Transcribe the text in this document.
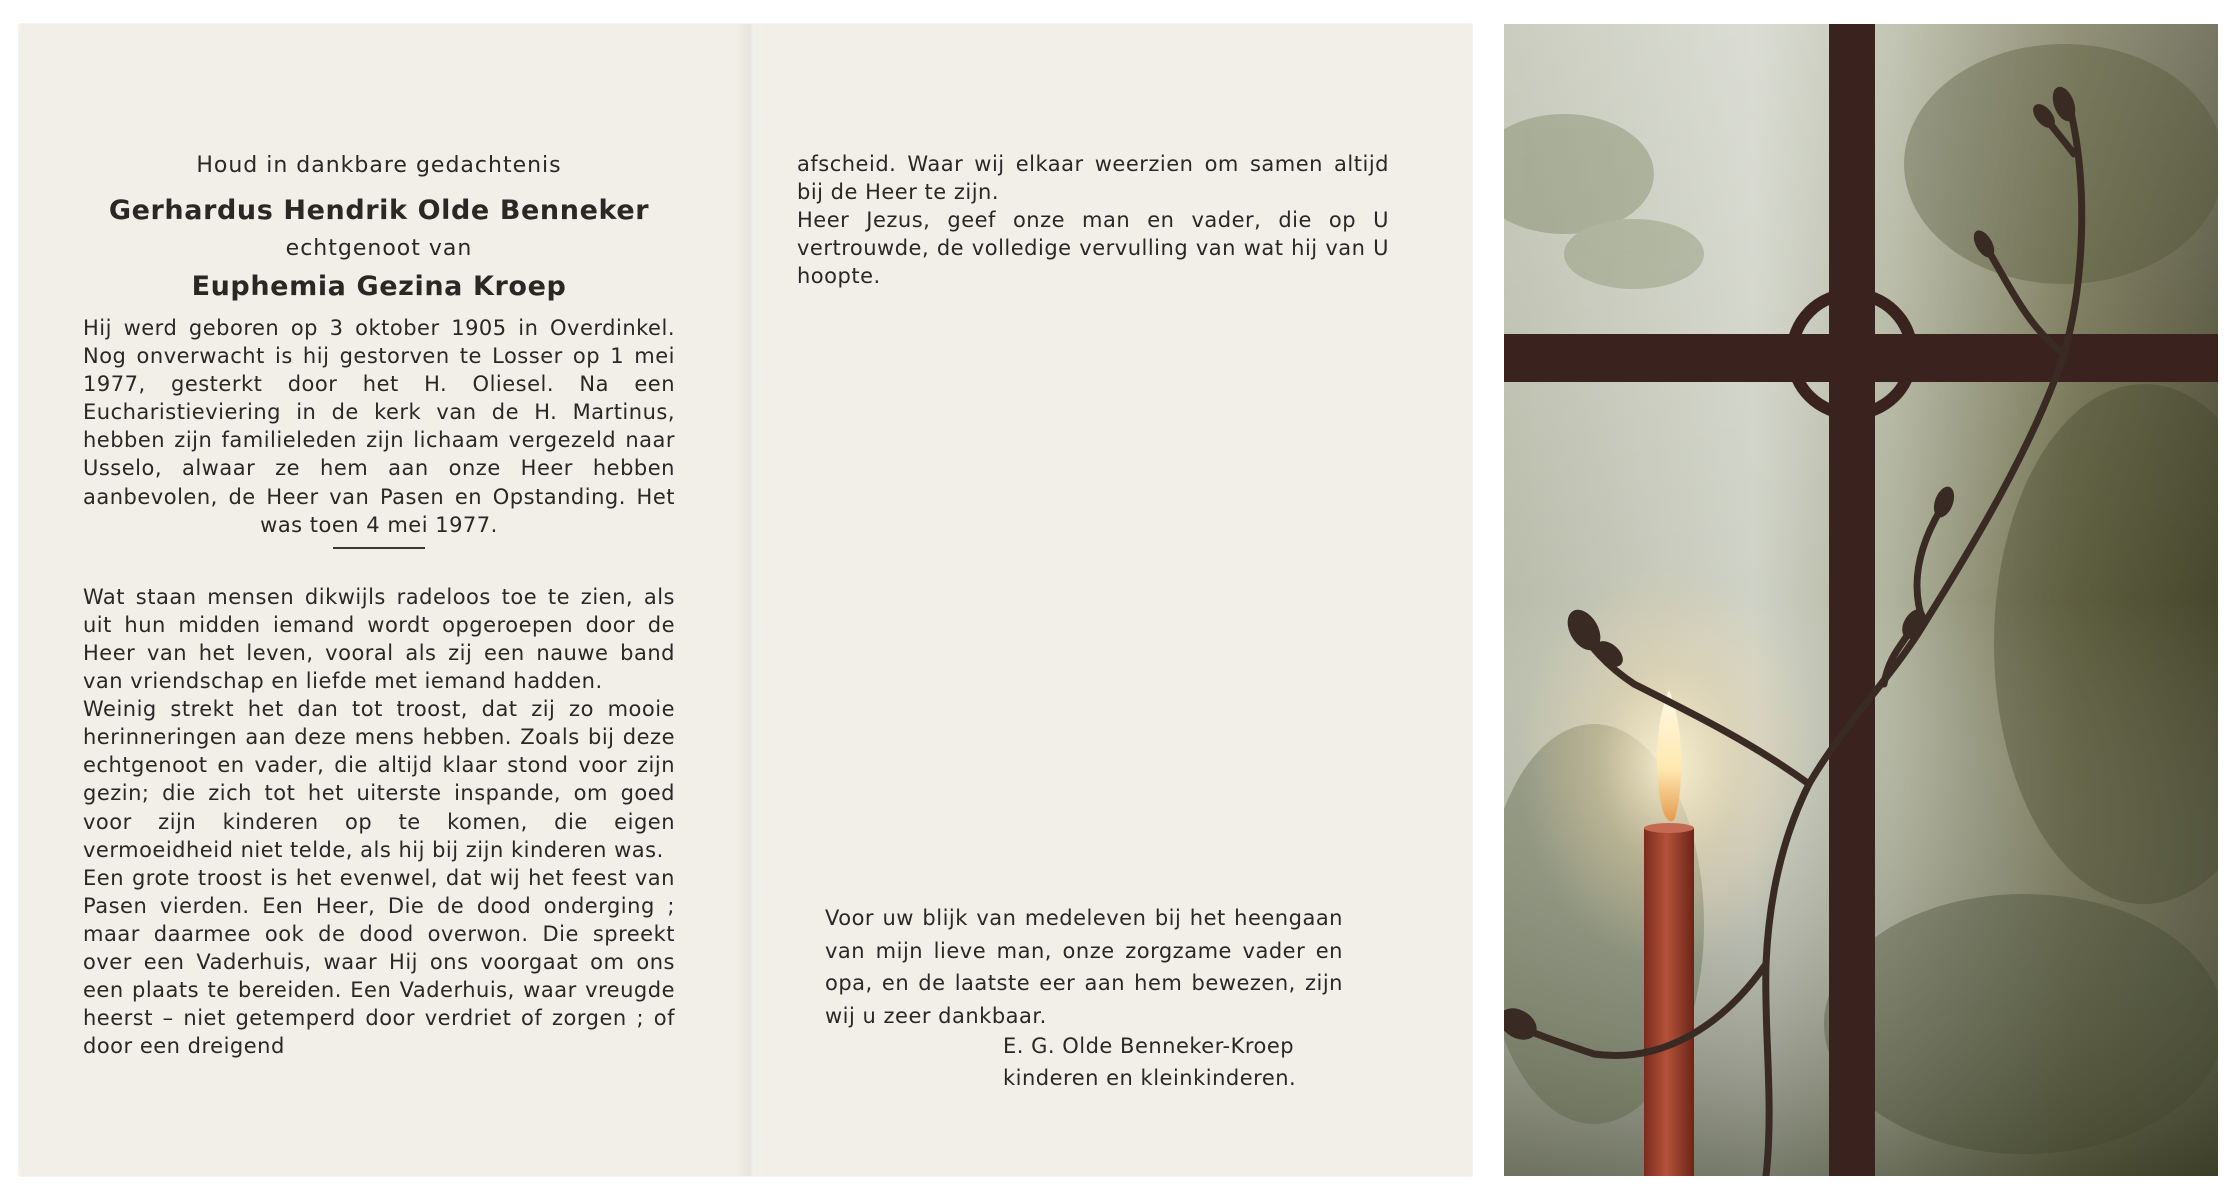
Houd in dankbare gedachtenis
Gerhardus Hendrik Olde Benneker
echtgenoot van
Euphemia Gezina Kroep

Hij werd geboren op 3 oktober 1905 in Overdinkel. Nog onverwacht is hij gestorven te Losser op 1 mei 1977, gesterkt door het H. Oliesel. Na een Eucharistieviering in de kerk van de H. Martinus, hebben zijn familieleden zijn lichaam vergezeld naar Usselo, alwaar ze hem aan onze Heer hebben aanbevolen, de Heer van Pasen en Opstanding. Het was toen 4 mei 1977.

Wat staan mensen dikwijls radeloos toe te zien, als uit hun midden iemand wordt opgeroepen door de Heer van het leven, vooral als zij een nauwe band van vriendschap en liefde met iemand hadden.

Weinig strekt het dan tot troost, dat zij zo mooie herinneringen aan deze mens hebben. Zoals bij deze echtgenoot en vader, die altijd klaar stond voor zijn gezin; die zich tot het uiterste inspande, om goed voor zijn kinderen op te komen, die eigen vermoeidheid niet telde, als hij bij zijn kinderen was.

Een grote troost is het evenwel, dat wij het feest van Pasen vierden. Een Heer, Die de dood onderging ; maar daarmee ook de dood overwon. Die spreekt over een Vaderhuis, waar Hij ons voorgaat om ons een plaats te bereiden. Een Vaderhuis, waar vreugde heerst – niet getemperd door verdriet of zorgen ; of door een dreigend

afscheid. Waar wij elkaar weerzien om samen altijd bij de Heer te zijn.

Heer Jezus, geef onze man en vader, die op U vertrouwde, de volledige vervulling van wat hij van U hoopte.

Voor uw blijk van medeleven bij het heengaan van mijn lieve man, onze zorgzame vader en opa, en de laatste eer aan hem bewezen, zijn wij u zeer dankbaar.

E. G. Olde Benneker-Kroep
kinderen en kleinkinderen.
